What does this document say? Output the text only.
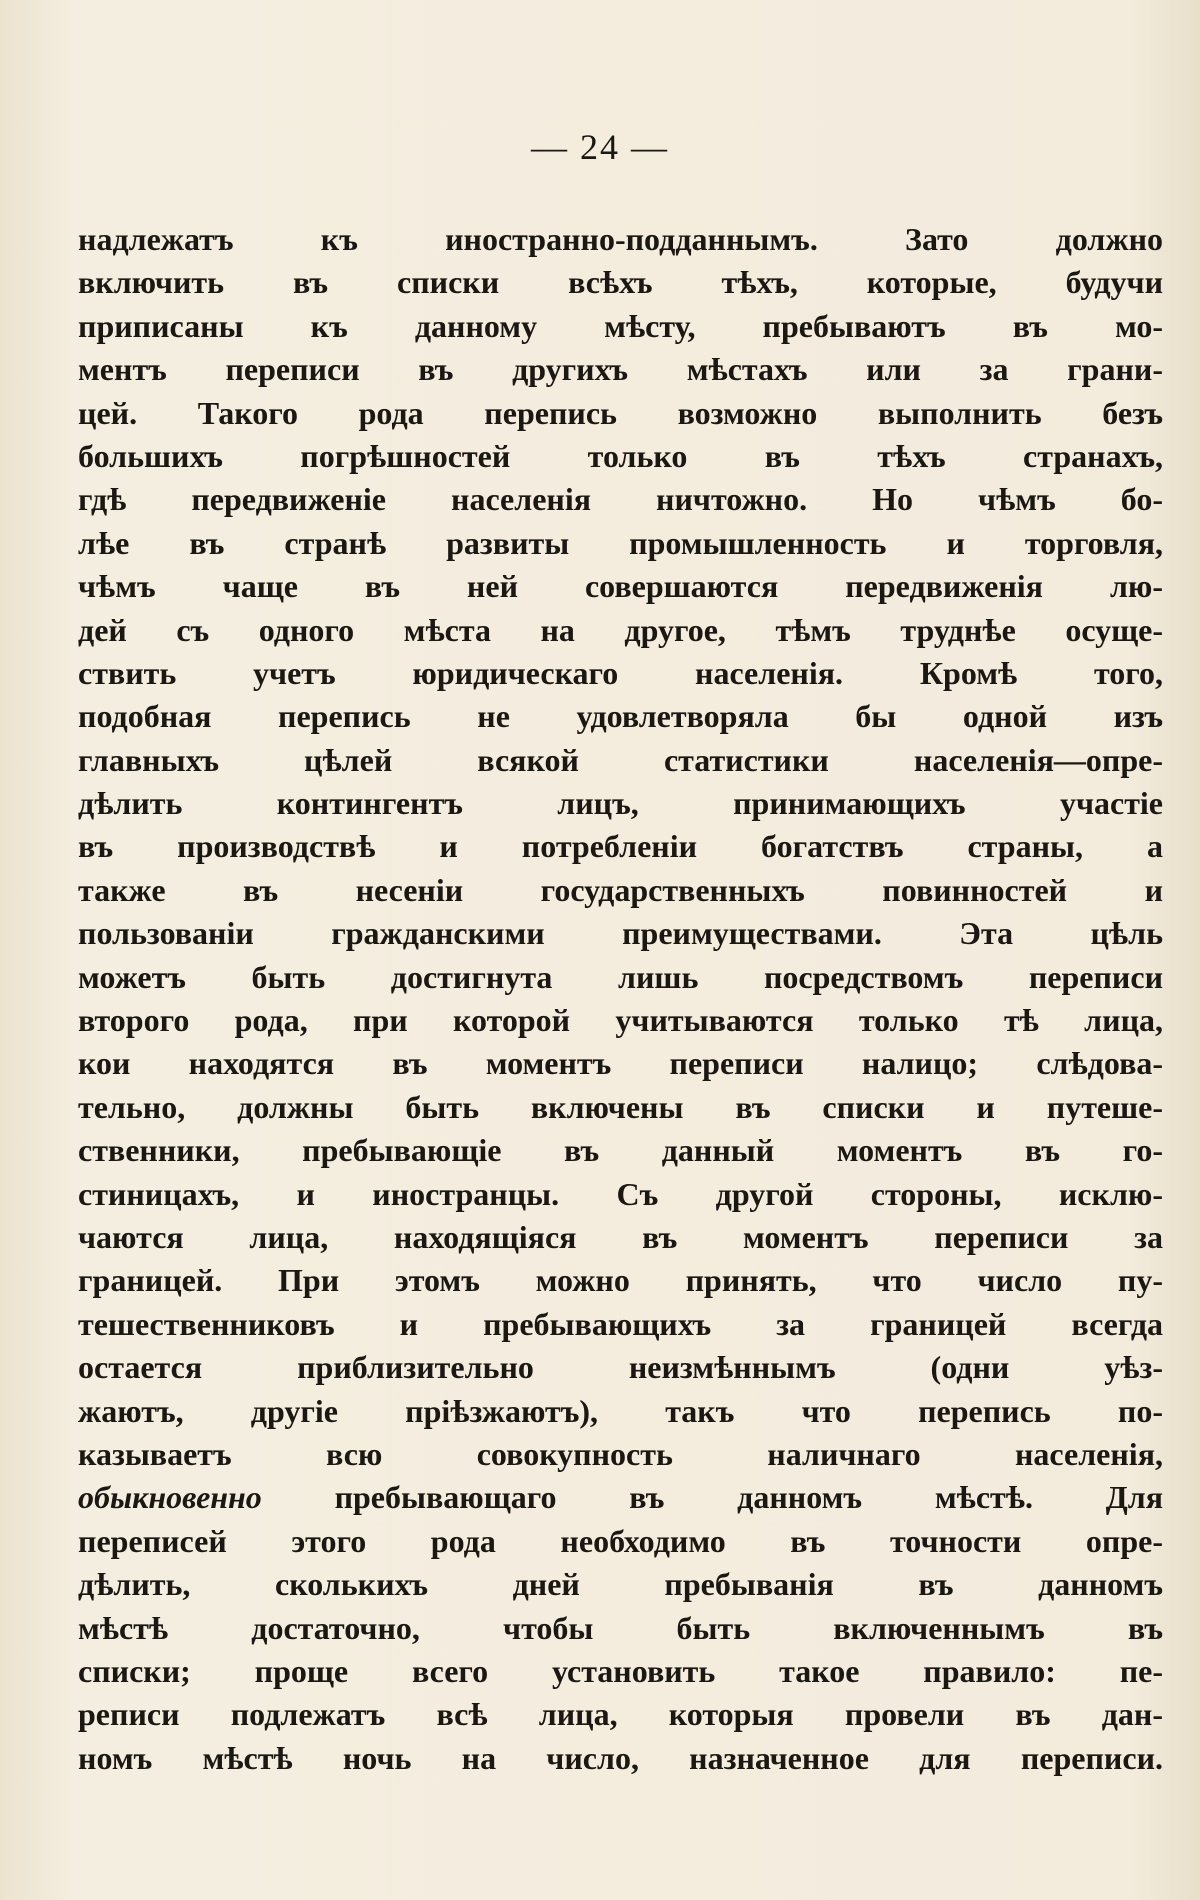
— 24 —
надлежатъ къ иностранно-подданнымъ. Зато должно
включить въ списки всѣхъ тѣхъ, которые, будучи
приписаны къ данному мѣсту, пребываютъ въ мо-
ментъ переписи въ другихъ мѣстахъ или за грани-
цей. Такого рода перепись возможно выполнить безъ
большихъ погрѣшностей только въ тѣхъ странахъ,
гдѣ передвиженіе населенія ничтожно. Но чѣмъ бо-
лѣе въ странѣ развиты промышленность и торговля,
чѣмъ чаще въ ней совершаются передвиженія лю-
дей съ одного мѣста на другое, тѣмъ труднѣе осуще-
ствить учетъ юридическаго населенія. Кромѣ того,
подобная перепись не удовлетворяла бы одной изъ
главныхъ цѣлей всякой статистики населенія—опре-
дѣлить контингентъ лицъ, принимающихъ участіе
въ производствѣ и потребленіи богатствъ страны, а
также въ несеніи государственныхъ повинностей и
пользованіи гражданскими преимуществами. Эта цѣль
можетъ быть достигнута лишь посредствомъ переписи
второго рода, при которой учитываются только тѣ лица,
кои находятся въ моментъ переписи налицо; слѣдова-
тельно, должны быть включены въ списки и путеше-
ственники, пребывающіе въ данный моментъ въ го-
стиницахъ, и иностранцы. Съ другой стороны, исклю-
чаются лица, находящіяся въ моментъ переписи за
границей. При этомъ можно принять, что число пу-
тешественниковъ и пребывающихъ за границей всегда
остается приблизительно неизмѣннымъ (одни уѣз-
жаютъ, другіе пріѣзжаютъ), такъ что перепись по-
казываетъ всю совокупность наличнаго населенія,
обыкновенно пребывающаго въ данномъ мѣстѣ. Для
переписей этого рода необходимо въ точности опре-
дѣлить, сколькихъ дней пребыванія въ данномъ
мѣстѣ достаточно, чтобы быть включеннымъ въ
списки; проще всего установить такое правило: пе-
реписи подлежатъ всѣ лица, которыя провели въ дан-
номъ мѣстѣ ночь на число, назначенное для переписи.
